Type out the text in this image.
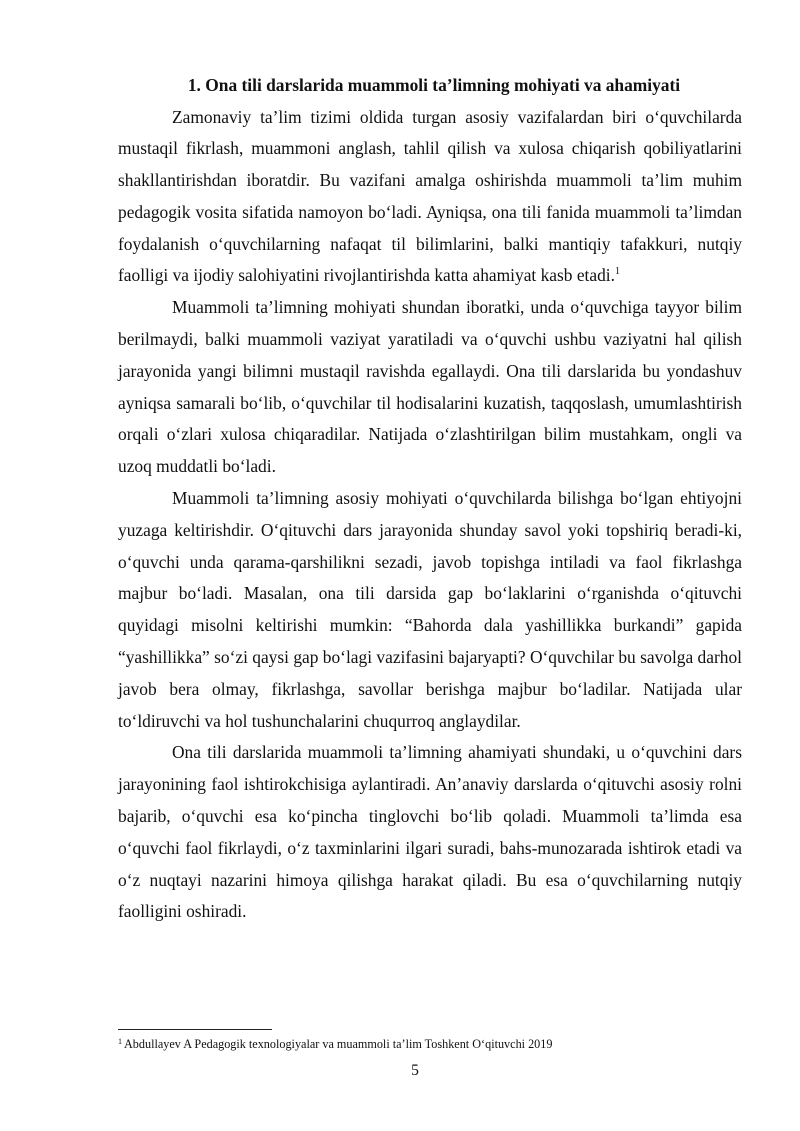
1. Ona tili darslarida muammoli ta’limning mohiyati va ahamiyati

Zamonaviy ta’lim tizimi oldida turgan asosiy vazifalardan biri o‘quvchilarda mustaqil fikrlash, muammoni anglash, tahlil qilish va xulosa chiqarish qobiliyatlarini shakllantirishdan iboratdir. Bu vazifani amalga oshirishda muammoli ta’lim muhim pedagogik vosita sifatida namoyon bo‘ladi. Ayniqsa, ona tili fanida muammoli ta’limdan foydalanish o‘quvchilarning nafaqat til bilimlarini, balki mantiqiy tafakkuri, nutqiy faolligi va ijodiy salohiyatini rivojlantirishda katta ahamiyat kasb etadi.$^1$

Muammoli ta’limning mohiyati shundan iboratki, unda o‘quvchiga tayyor bilim berilmaydi, balki muammoli vaziyat yaratiladi va o‘quvchi ushbu vaziyatni hal qilish jarayonida yangi bilimni mustaqil ravishda egallaydi. Ona tili darslarida bu yondashuv ayniqsa samarali bo‘lib, o‘quvchilar til hodisalarini kuzatish, taqqoslash, umumlashtirish orqali o‘zlari xulosa chiqaradilar. Natijada o‘zlashtirilgan bilim mustahkam, ongli va uzoq muddatli bo‘ladi.

Muammoli ta’limning asosiy mohiyati o‘quvchilarda bilishga bo‘lgan ehtiyojni yuzaga keltirishdir. O‘qituvchi dars jarayonida shunday savol yoki topshiriq beradi-ki, o‘quvchi unda qarama-qarshilikni sezadi, javob topishga intiladi va faol fikrlashga majbur bo‘ladi. Masalan, ona tili darsida gap bo‘laklarini o‘rganishda o‘qituvchi quyidagi misolni keltirishi mumkin: “Bahorda dala yashillikka burkandi” gapida “yashillikka” so‘zi qaysi gap bo‘lagi vazifasini bajaryapti? O‘quvchilar bu savolga darhol javob bera olmay, fikrlashga, savollar berishga majbur bo‘ladilar. Natijada ular to‘ldiruvchi va hol tushunchalarini chuqurroq anglaydilar.

Ona tili darslarida muammoli ta’limning ahamiyati shundaki, u o‘quvchini dars jarayonining faol ishtirokchisiga aylantiradi. An’anaviy darslarda o‘qituvchi asosiy rolni bajarib, o‘quvchi esa ko‘pincha tinglovchi bo‘lib qoladi. Muammoli ta’limda esa o‘quvchi faol fikrlaydi, o‘z taxminlarini ilgari suradi, bahs-munozarada ishtirok etadi va o‘z nuqtayi nazarini himoya qilishga harakat qiladi. Bu esa o‘quvchilarning nutqiy faolligini oshiradi.

$^1$ Abdullayev A Pedagogik texnologiyalar va muammoli ta’lim Toshkent O‘qituvchi 2019
5
